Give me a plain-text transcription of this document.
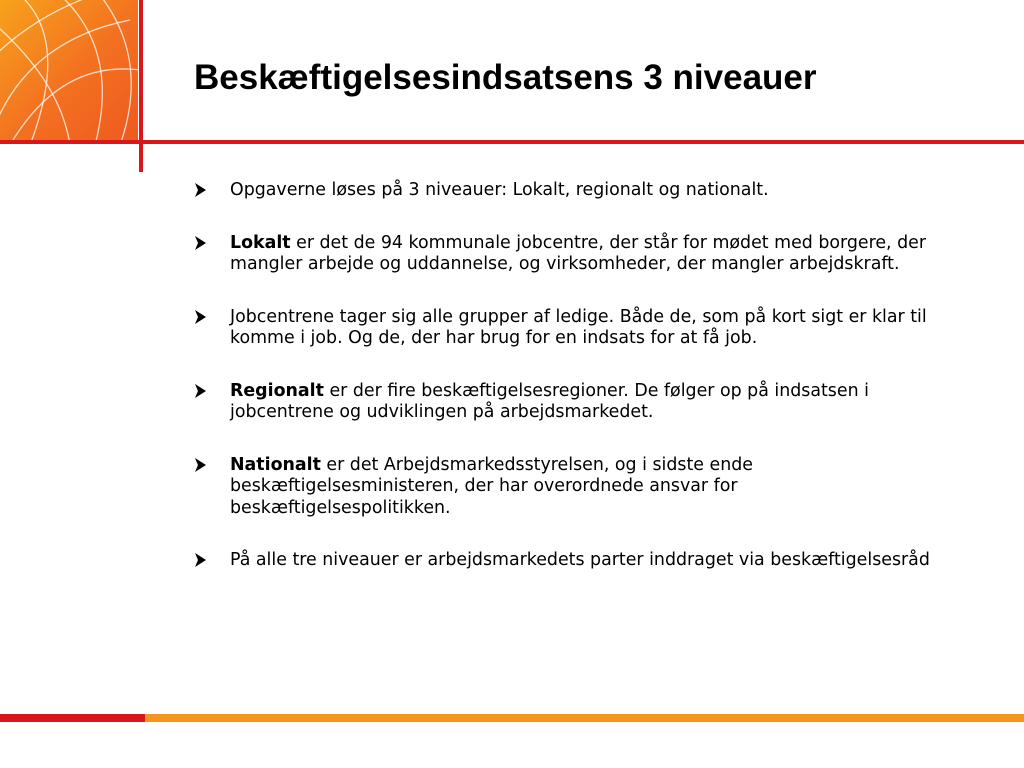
Beskæftigelsesindsatsens 3 niveauer
Opgaverne løses på 3 niveauer: Lokalt, regionalt og nationalt.
Lokalt er det de 94 kommunale jobcentre, der står for mødet med borgere, der mangler arbejde og uddannelse, og virksomheder, der mangler arbejdskraft.
Jobcentrene tager sig alle grupper af ledige. Både de, som på kort sigt er klar til komme i job. Og de, der har brug for en indsats for at få job.
Regionalt er der fire beskæftigelsesregioner. De følger op på indsatsen i jobcentrene og udviklingen på arbejdsmarkedet.
Nationalt er det Arbejdsmarkedsstyrelsen, og i sidste ende beskæftigelsesministeren, der har overordnede ansvar for beskæftigelsespolitikken.
På alle tre niveauer er arbejdsmarkedets parter inddraget via beskæftigelsesråd
